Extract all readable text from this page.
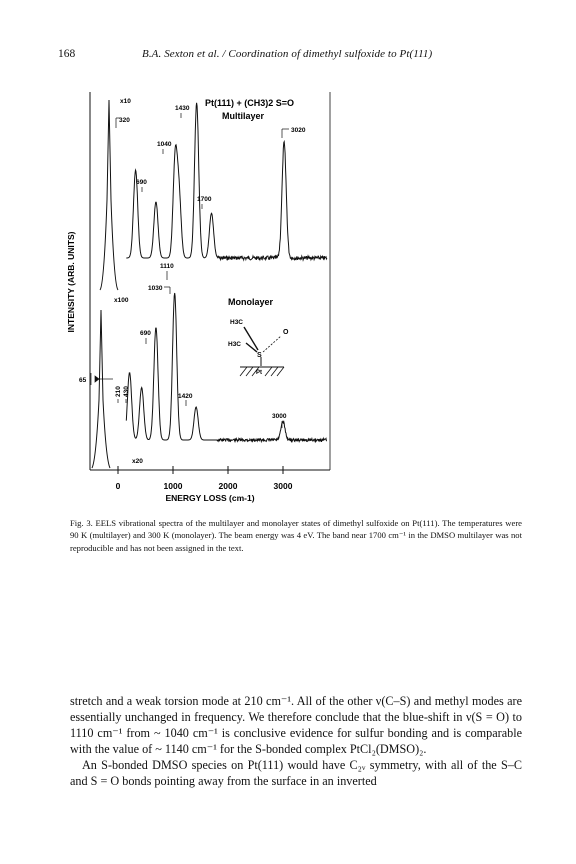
168	B.A. Sexton et al. / Coordination of dimethyl sulfoxide to Pt(111)
0	1000	2000	3000
ENERGY LOSS (cm-1)
INTENSITY (ARB. UNITS)
Pt(111) + (CH3)2 S=O
Multilayer
Monolayer
x10
320
1430
1040
690
1700
3020
1110
1030
690
210 430	1420
3000
65
x100
x20
H3C
H3C
S
O
Pt
Fig. 3. EELS vibrational spectra of the multilayer and monolayer states of dimethyl sulfoxide on Pt(111). The temperatures were 90 K (multilayer) and 300 K (monolayer). The beam energy was 4 eV. The band near 1700 cm⁻¹ in the DMSO multilayer was not reproducible and has not been assigned in the text.

stretch and a weak torsion mode at 210 cm⁻¹. All of the other ν(C–S) and methyl modes are essentially unchanged in frequency. We therefore conclude that the blue-shift in ν(S = O) to 1110 cm⁻¹ from ~ 1040 cm⁻¹ is conclusive evidence for sulfur bonding and is comparable with the value of ~ 1140 cm⁻¹ for the S-bonded complex PtCl₂(DMSO)₂.

An S-bonded DMSO species on Pt(111) would have C₂ᵥ symmetry, with all of the S–C and S = O bonds pointing away from the surface in an inverted
